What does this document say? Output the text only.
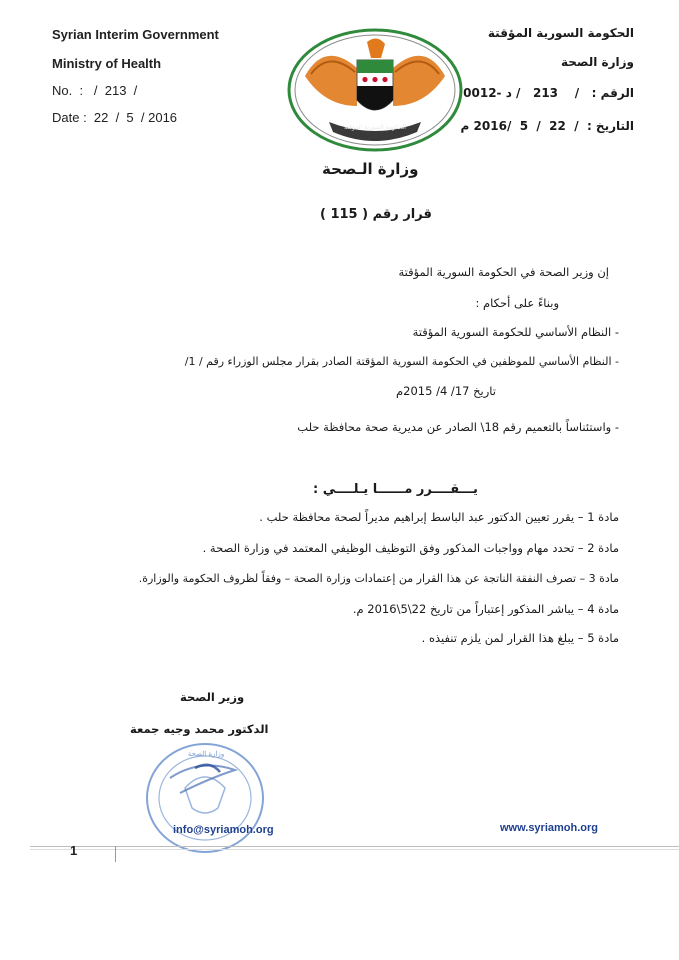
Syrian Interim Government
Ministry of Health
No.  :   /  213  /
Date :  22  /  5  / 2016
الحكومة السورية المؤقتة
وزارة الصحة
الرقم :   /    213   / د -0012
التاريخ :  /  22  /  5  /2016 م
الحكومة السورية المؤقتة
وزارة الـصحة
قرار رقم ( 115 )
إن وزير الصحة في الحكومة السورية المؤقتة
وبناءً على أحكام :
- النظام الأساسي للحكومة السورية المؤقتة
- النظام الأساسي للموظفين في الحكومة السورية المؤقتة الصادر بقرار مجلس الوزراء رقم / 1/
تاريخ 17/ 4/ 2015م
- واستئناساً بالتعميم رقم 18\ الصادر عن مديرية صحة محافظة حلب
يـــقــــرر مــــــا يـلــــي :
مادة 1 – يقرر تعيين الدكتور عبد الباسط إبراهيم مديراً لصحة محافظة حلب .
مادة 2 – تحدد مهام وواجبات المذكور وفق التوظيف الوظيفي المعتمد في وزارة الصحة .
مادة 3 – تصرف النفقة الناتجة عن هذا القرار من إعتمادات وزارة الصحة – وفقاً لظروف الحكومة والوزارة.
مادة 4 – يباشر المذكور إعتباراً من تاريخ 22\5\2016 م.
مادة 5 – يبلغ هذا القرار لمن يلزم تنفيذه .
وزير الصحة
الدكتور محمد وجيه جمعة
وزارة الصحة
info@syriamoh.org	www.syriamoh.org
1
